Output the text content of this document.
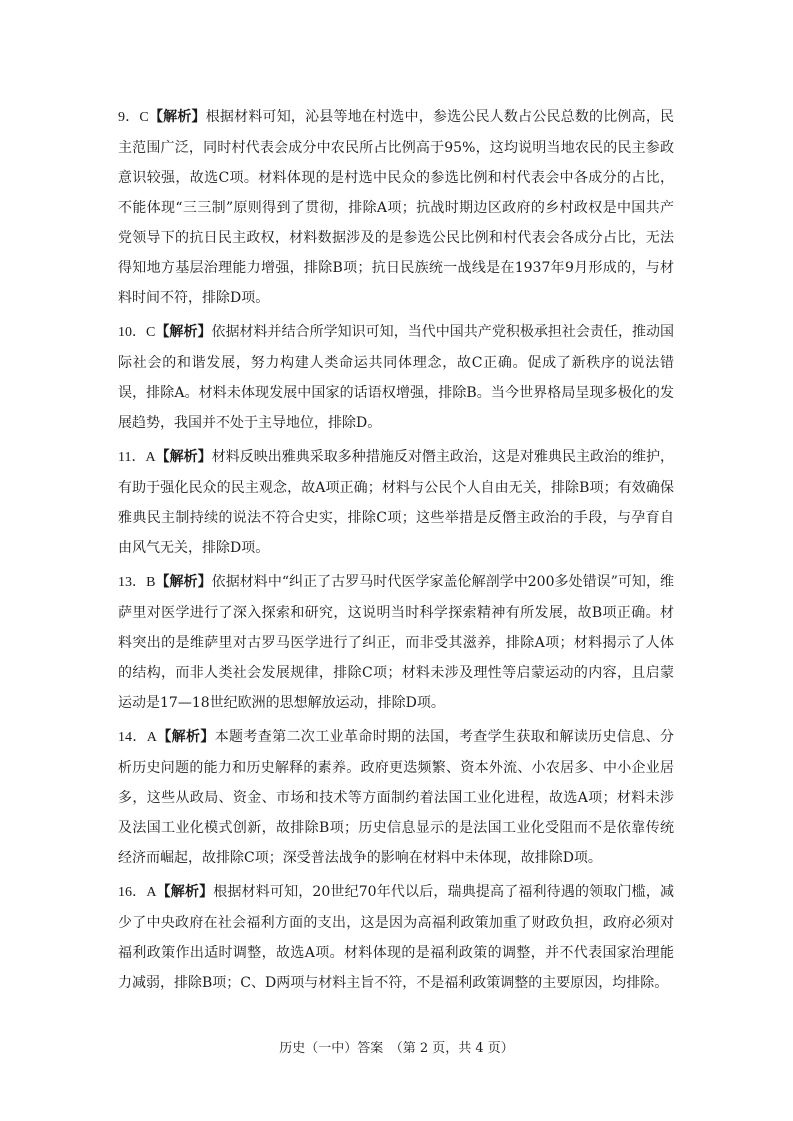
9．C【解析】根据材料可知，沁县等地在村选中，参选公民人数占公民总数的比例高，民主范围广泛，同时村代表会成分中农民所占比例高于95%，这均说明当地农民的民主参政意识较强，故选C项。材料体现的是村选中民众的参选比例和村代表会中各成分的占比，不能体现“三三制”原则得到了贯彻，排除A项；抗战时期边区政府的乡村政权是中国共产党领导下的抗日民主政权，材料数据涉及的是参选公民比例和村代表会各成分占比，无法得知地方基层治理能力增强，排除B项；抗日民族统一战线是在1937年9月形成的，与材料时间不符，排除D项。
10．C【解析】依据材料并结合所学知识可知，当代中国共产党积极承担社会责任，推动国际社会的和谐发展，努力构建人类命运共同体理念，故C正确。促成了新秩序的说法错误，排除A。材料未体现发展中国家的话语权增强，排除B。当今世界格局呈现多极化的发展趋势，我国并不处于主导地位，排除D。
11．A【解析】材料反映出雅典采取多种措施反对僭主政治，这是对雅典民主政治的维护，有助于强化民众的民主观念，故A项正确；材料与公民个人自由无关，排除B项；有效确保雅典民主制持续的说法不符合史实，排除C项；这些举措是反僭主政治的手段，与孕育自由风气无关，排除D项。
13．B【解析】依据材料中“纠正了古罗马时代医学家盖伦解剖学中200多处错误”可知，维萨里对医学进行了深入探索和研究，这说明当时科学探索精神有所发展，故B项正确。材料突出的是维萨里对古罗马医学进行了纠正，而非受其滋养，排除A项；材料揭示了人体的结构，而非人类社会发展规律，排除C项；材料未涉及理性等启蒙运动的内容，且启蒙运动是17—18世纪欧洲的思想解放运动，排除D项。
14．A【解析】本题考查第二次工业革命时期的法国，考查学生获取和解读历史信息、分析历史问题的能力和历史解释的素养。政府更迭频繁、资本外流、小农居多、中小企业居多，这些从政局、资金、市场和技术等方面制约着法国工业化进程，故选A项；材料未涉及法国工业化模式创新，故排除B项；历史信息显示的是法国工业化受阻而不是依靠传统经济而崛起，故排除C项；深受普法战争的影响在材料中未体现，故排除D项。
16．A【解析】根据材料可知，20世纪70年代以后，瑞典提高了福利待遇的领取门槛，减少了中央政府在社会福利方面的支出，这是因为高福利政策加重了财政负担，政府必须对福利政策作出适时调整，故选A项。材料体现的是福利政策的调整，并不代表国家治理能力减弱，排除B项；C、D两项与材料主旨不符，不是福利政策调整的主要原因，均排除。
历史（一中）答案　（第 2 页，共 4 页）
